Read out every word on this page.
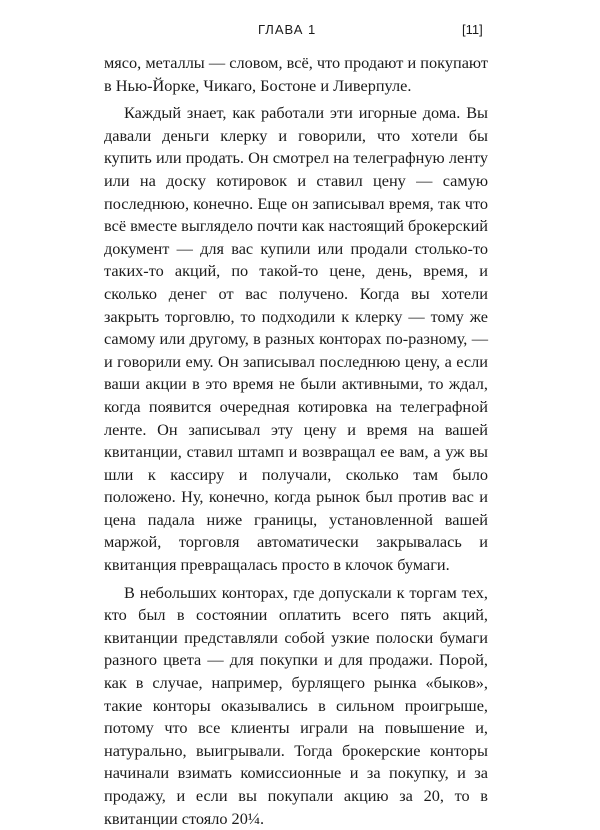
ГЛАВА 1	[11]

мясо, металлы — словом, всё, что продают и покупают в Нью-Йорке, Чикаго, Бостоне и Ливерпуле.

Каждый знает, как работали эти игорные дома. Вы давали деньги клерку и говорили, что хотели бы купить или продать. Он смотрел на телеграфную ленту или на доску котировок и ставил цену — самую последнюю, конечно. Еще он записывал время, так что всё вместе выглядело почти как настоящий брокерский документ — для вас купили или продали столько-то таких-то акций, по такой-то цене, день, время, и сколько денег от вас получено. Когда вы хотели закрыть торговлю, то подходили к клерку — тому же самому или другому, в разных конторах по-разному, — и говорили ему. Он записывал последнюю цену, а если ваши акции в это время не были активными, то ждал, когда появится очередная котировка на телеграфной ленте. Он записывал эту цену и время на вашей квитанции, ставил штамп и возвращал ее вам, а уж вы шли к кассиру и получали, сколько там было положено. Ну, конечно, когда рынок был против вас и цена падала ниже границы, установленной вашей маржой, торговля автоматически закрывалась и квитанция превращалась просто в клочок бумаги.

В небольших конторах, где допускали к торгам тех, кто был в состоянии оплатить всего пять акций, квитанции представляли собой узкие полоски бумаги разного цвета — для покупки и для продажи. Порой, как в случае, например, бурлящего рынка «быков», такие конторы оказывались в сильном проигрыше, потому что все клиенты играли на повышение и, натурально, выигрывали. Тогда брокерские конторы начинали взимать комиссионные и за покупку, и за продажу, и если вы покупали акцию за 20, то в квитанции стояло 20¼.
